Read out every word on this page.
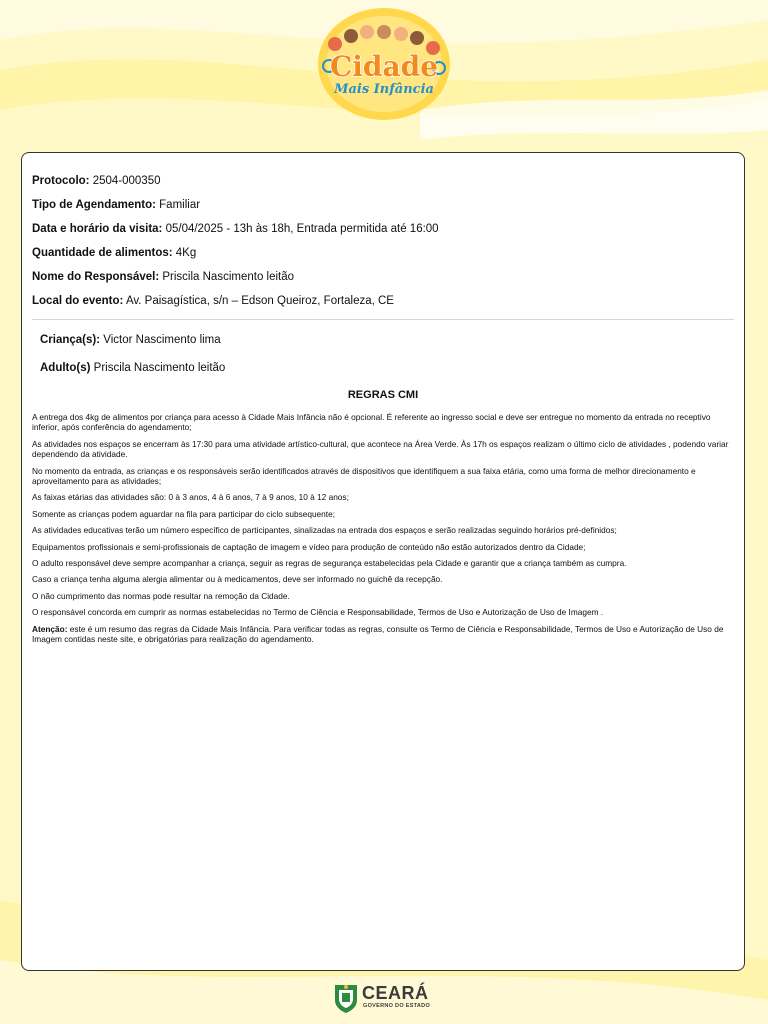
Cidade
Mais Infância
Protocolo: 2504-000350
Tipo de Agendamento: Familiar
Data e horário da visita: 05/04/2025 - 13h às 18h, Entrada permitida até 16:00
Quantidade de alimentos: 4Kg
Nome do Responsável: Priscila Nascimento leitão
Local do evento: Av. Paisagística, s/n – Edson Queiroz, Fortaleza, CE
Criança(s): Victor Nascimento lima
Adulto(s) Priscila Nascimento leitão
REGRAS CMI

A entrega dos 4kg de alimentos por criança para acesso à Cidade Mais Infância não é opcional. É referente ao ingresso social e deve ser entregue no momento da entrada no receptivo inferior, após conferência do agendamento;

As atividades nos espaços se encerram às 17:30 para uma atividade artístico-cultural, que acontece na Área Verde. Às 17h os espaços realizam o último ciclo de atividades , podendo variar dependendo da atividade.

No momento da entrada, as crianças e os responsáveis serão identificados através de dispositivos que identifiquem a sua faixa etária, como uma forma de melhor direcionamento e aproveitamento para as atividades;

As faixas etárias das atividades são: 0 à 3 anos, 4 à 6 anos, 7 à 9 anos, 10 à 12 anos;

Somente as crianças podem aguardar na fila para participar do ciclo subsequente;

As atividades educativas terão um número específico de participantes, sinalizadas na entrada dos espaços e serão realizadas seguindo horários pré-definidos;

Equipamentos profissionais e semi-profissionais de captação de imagem e vídeo para produção de conteúdo não estão autorizados dentro da Cidade;

O adulto responsável deve sempre acompanhar a criança, seguir as regras de segurança estabelecidas pela Cidade e garantir que a criança também as cumpra.

Caso a criança tenha alguma alergia alimentar ou à medicamentos, deve ser informado no guichê da recepção.

O não cumprimento das normas pode resultar na remoção da Cidade.

O responsável concorda em cumprir as normas estabelecidas no Termo de Ciência e Responsabilidade, Termos de Uso e Autorização de Uso de Imagem .

Atenção: este é um resumo das regras da Cidade Mais Infância. Para verificar todas as regras, consulte os Termo de Ciência e Responsabilidade, Termos de Uso e Autorização de Uso de Imagem contidas neste site, e obrigatórias para realização do agendamento.

CEARÁ
GOVERNO DO ESTADO
